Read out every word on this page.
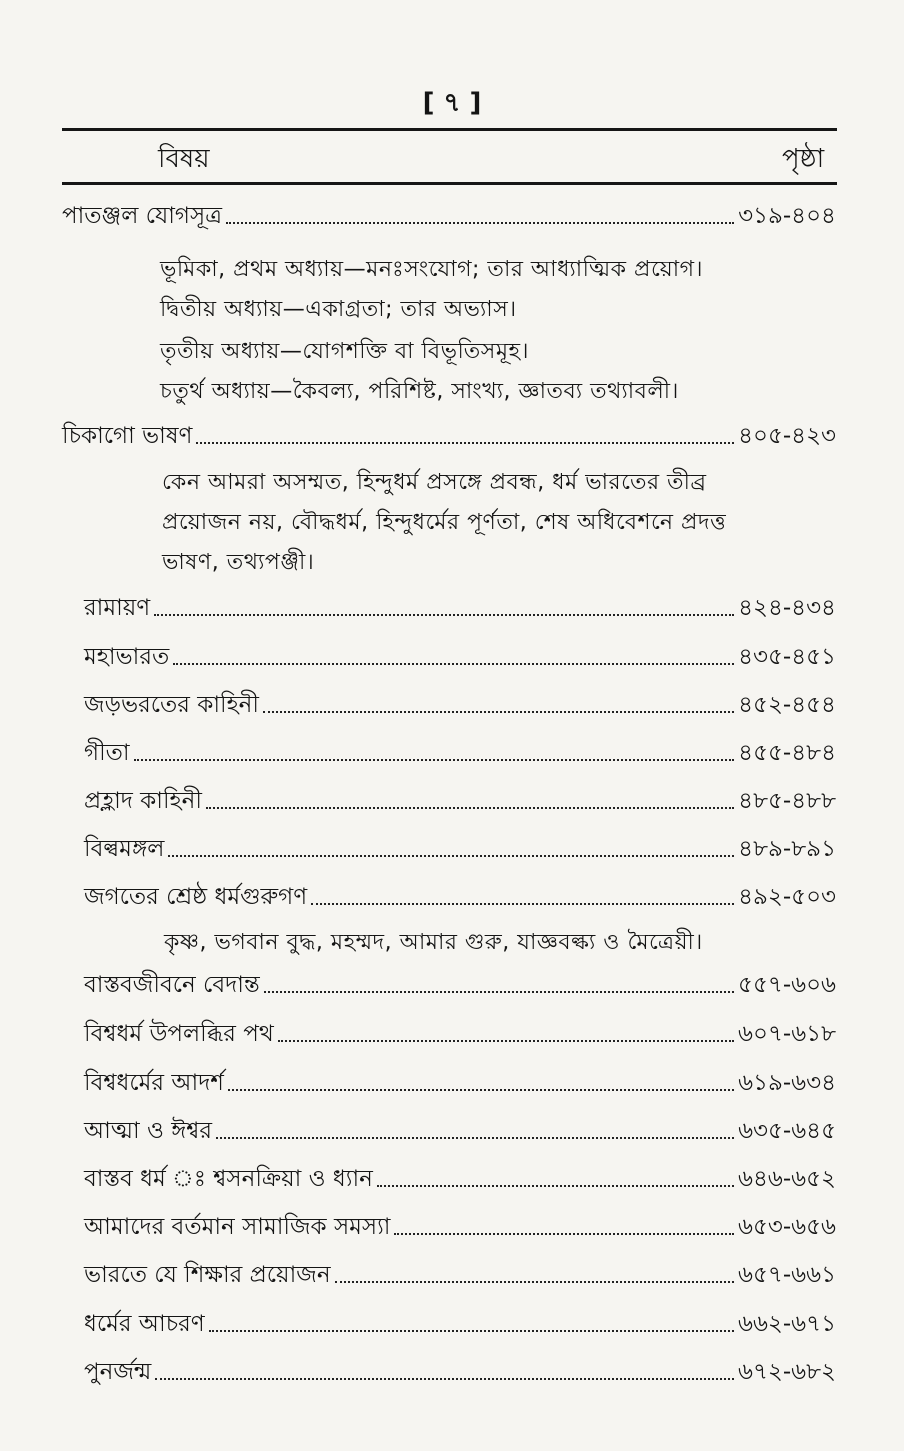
[ ৭ ]
বিষয়	পৃষ্ঠা
পাতঞ্জল যোগসূত্র	৩১৯-৪০৪
ভূমিকা, প্রথম অধ্যায়—মনঃসংযোগ; তার আধ্যাত্মিক প্রয়োগ।
দ্বিতীয় অধ্যায়—একাগ্রতা; তার অভ্যাস।
তৃতীয় অধ্যায়—যোগশক্তি বা বিভূতিসমূহ।
চতুর্থ অধ্যায়—কৈবল্য, পরিশিষ্ট, সাংখ্য, জ্ঞাতব্য তথ্যাবলী।
চিকাগো ভাষণ	৪০৫-৪২৩
কেন আমরা অসম্মত, হিন্দুধর্ম প্রসঙ্গে প্রবন্ধ, ধর্ম ভারতের তীব্র
প্রয়োজন নয়, বৌদ্ধধর্ম, হিন্দুধর্মের পূর্ণতা, শেষ অধিবেশনে প্রদত্ত
ভাষণ, তথ্যপঞ্জী।
রামায়ণ	৪২৪-৪৩৪
মহাভারত	৪৩৫-৪৫১
জড়ভরতের কাহিনী	৪৫২-৪৫৪
গীতা	৪৫৫-৪৮৪
প্রহ্লাদ কাহিনী	৪৮৫-৪৮৮
বিল্বমঙ্গল	৪৮৯-৮৯১
জগতের শ্রেষ্ঠ ধর্মগুরুগণ	৪৯২-৫০৩
কৃষ্ণ, ভগবান বুদ্ধ, মহম্মদ, আমার গুরু, যাজ্ঞবল্ক্য ও মৈত্রেয়ী।
বাস্তবজীবনে বেদান্ত	৫৫৭-৬০৬
বিশ্বধর্ম উপলব্ধির পথ	৬০৭-৬১৮
বিশ্বধর্মের আদর্শ	৬১৯-৬৩৪
আত্মা ও ঈশ্বর	৬৩৫-৬৪৫
বাস্তব ধর্ম ঃ শ্বসনক্রিয়া ও ধ্যান	৬৪৬-৬৫২
আমাদের বর্তমান সামাজিক সমস্যা	৬৫৩-৬৫৬
ভারতে যে শিক্ষার প্রয়োজন	৬৫৭-৬৬১
ধর্মের আচরণ	৬৬২-৬৭১
পুনর্জন্ম	৬৭২-৬৮২
